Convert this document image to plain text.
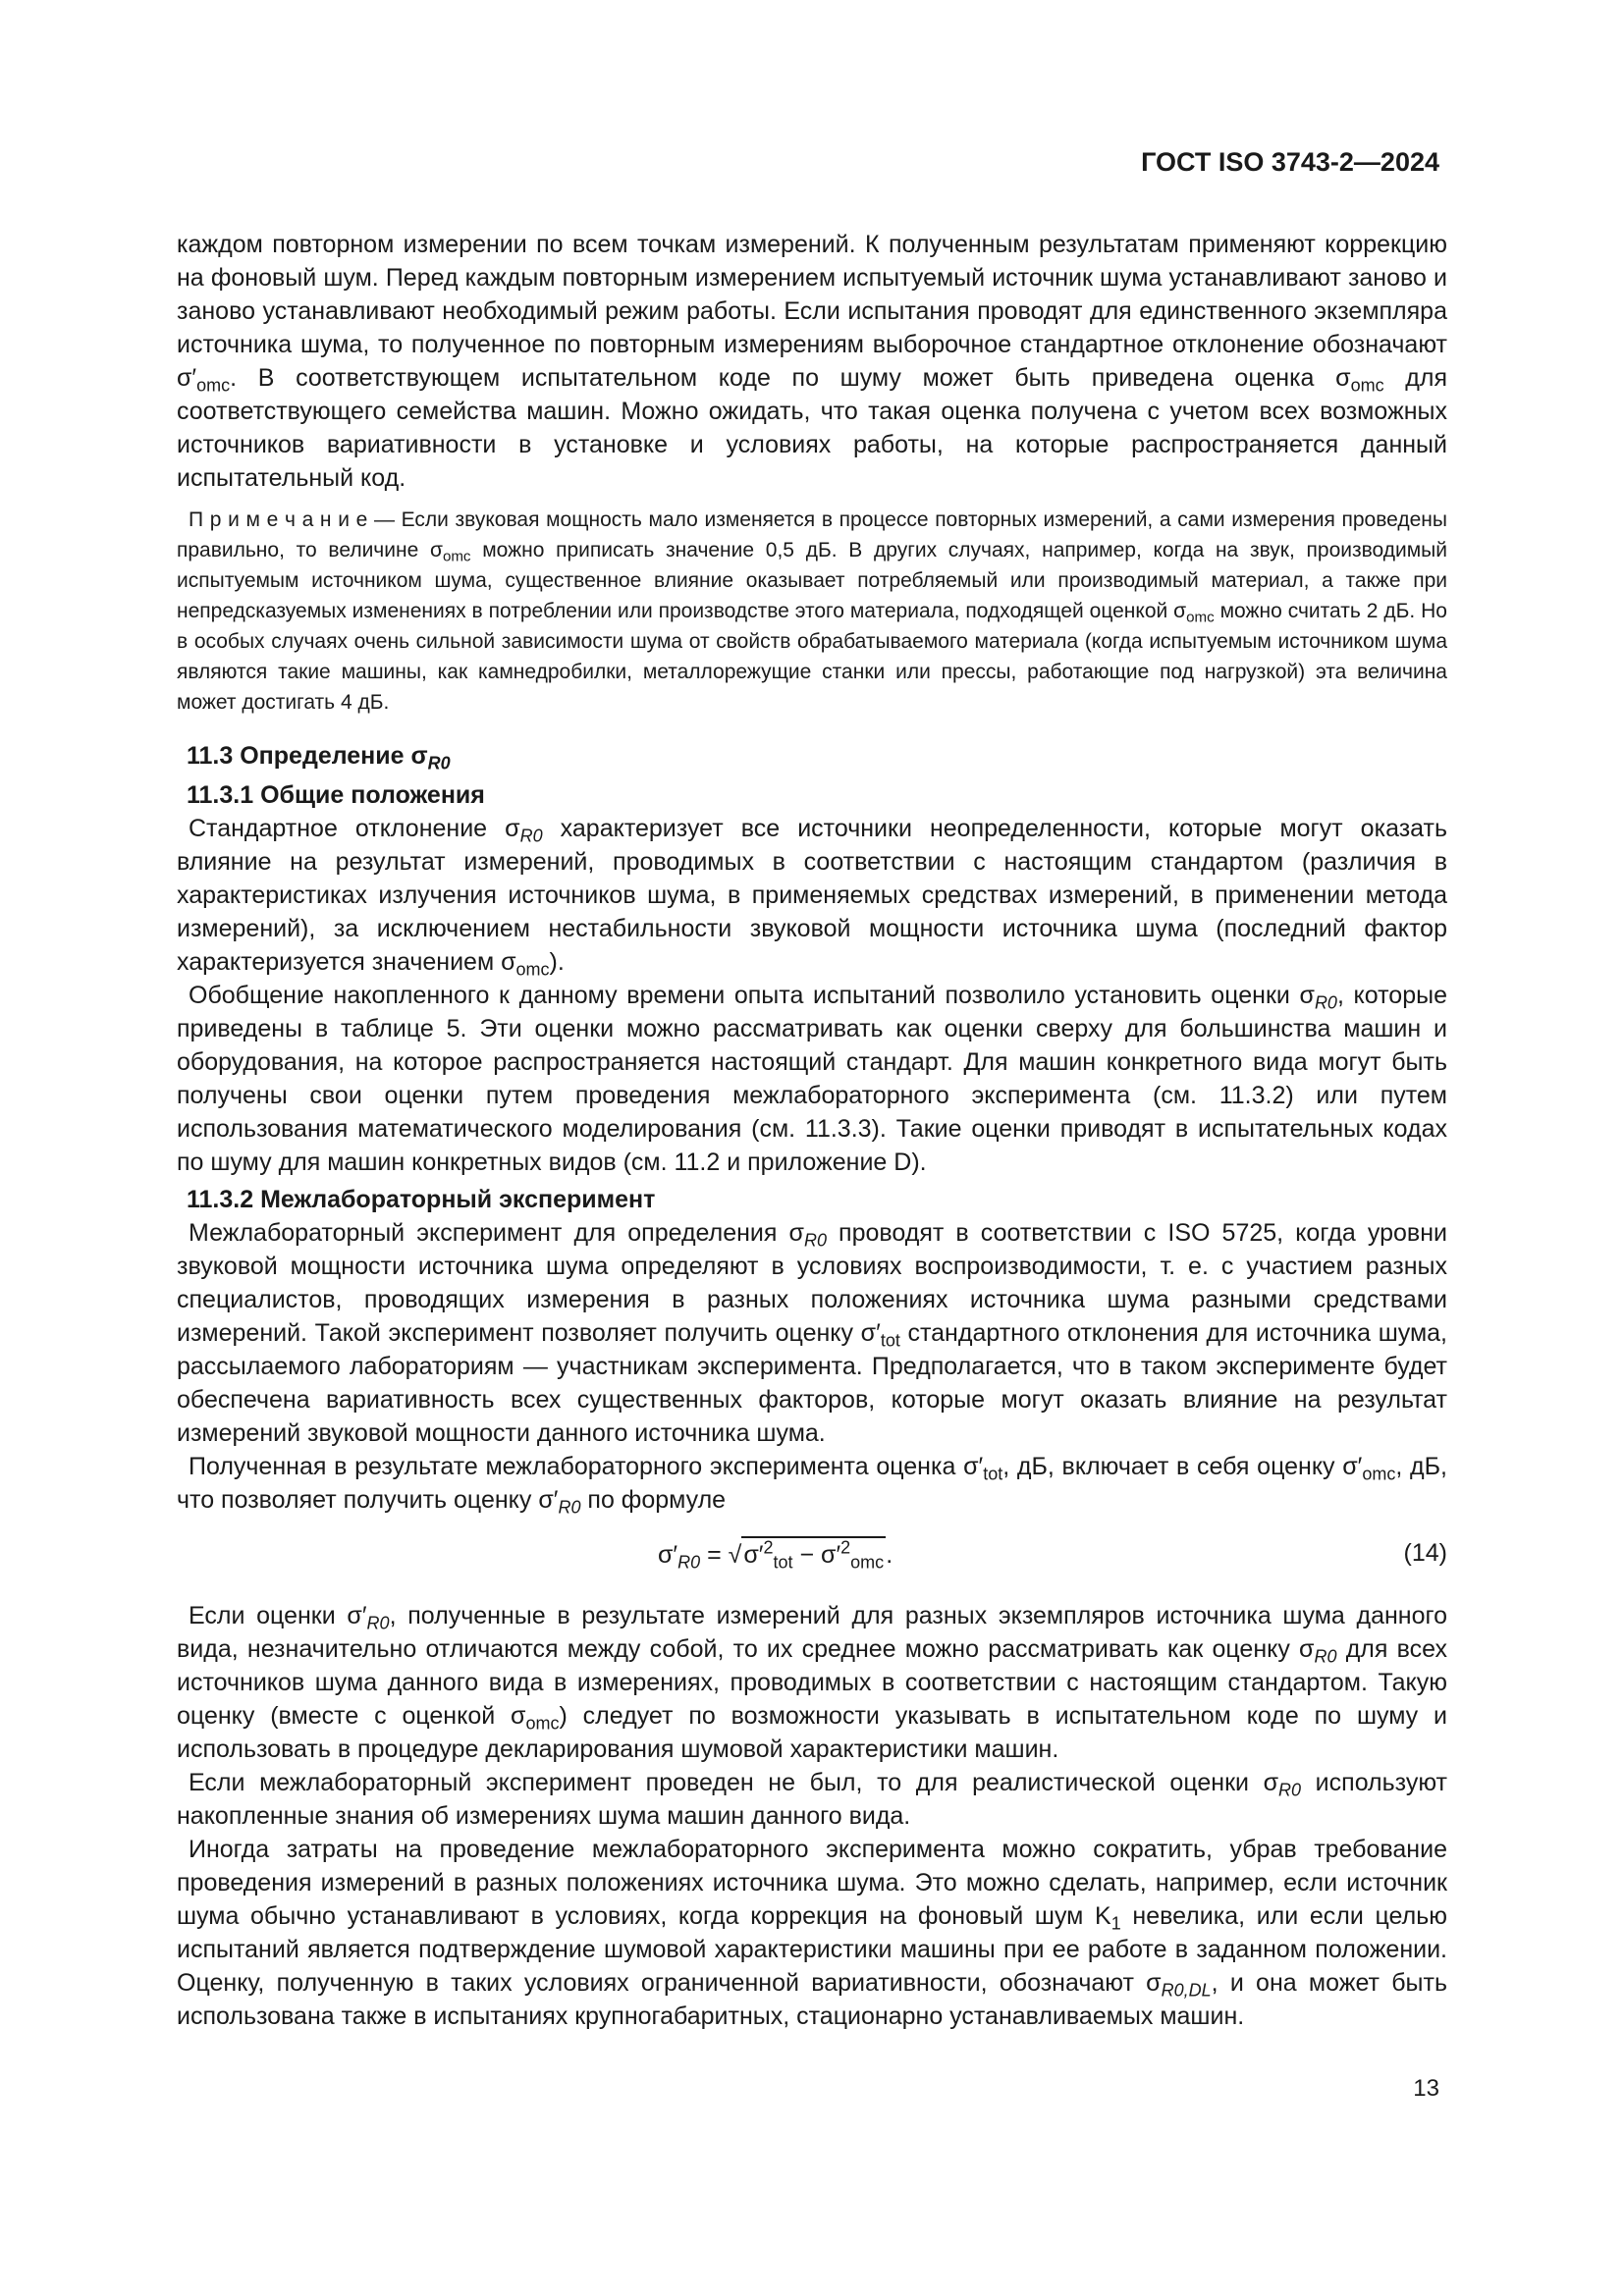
ГОСТ ISO 3743-2—2024

каждом повторном измерении по всем точкам измерений. К полученным результатам применяют коррекцию на фоновый шум. Перед каждым повторным измерением испытуемый источник шума устанавливают заново и заново устанавливают необходимый режим работы. Если испытания проводят для единственного экземпляра источника шума, то полученное по повторным измерениям выборочное стандартное отклонение обозначают $\sigma'_{omc}$. В соответствующем испытательном коде по шуму может быть приведена оценка $\sigma_{omc}$ для соответствующего семейства машин. Можно ожидать, что такая оценка получена с учетом всех возможных источников вариативности в установке и условиях работы, на которые распространяется данный испытательный код.

П р и м е ч а н и е — Если звуковая мощность мало изменяется в процессе повторных измерений, а сами измерения проведены правильно, то величине $\sigma_{omc}$ можно приписать значение 0,5 дБ. В других случаях, например, когда на звук, производимый испытуемым источником шума, существенное влияние оказывает потребляемый или производимый материал, а также при непредсказуемых изменениях в потреблении или производстве этого материала, подходящей оценкой $\sigma_{omc}$ можно считать 2 дБ. Но в особых случаях очень сильной зависимости шума от свойств обрабатываемого материала (когда испытуемым источником шума являются такие машины, как камнедробилки, металлорежущие станки или прессы, работающие под нагрузкой) эта величина может достигать 4 дБ.

11.3 Определение $\sigma_{R0}$

11.3.1 Общие положения

Стандартное отклонение $\sigma_{R0}$ характеризует все источники неопределенности, которые могут оказать влияние на результат измерений, проводимых в соответствии с настоящим стандартом (различия в характеристиках излучения источников шума, в применяемых средствах измерений, в применении метода измерений), за исключением нестабильности звуковой мощности источника шума (последний фактор характеризуется значением $\sigma_{omc}$).

Обобщение накопленного к данному времени опыта испытаний позволило установить оценки $\sigma_{R0}$, которые приведены в таблице 5. Эти оценки можно рассматривать как оценки сверху для большинства машин и оборудования, на которое распространяется настоящий стандарт. Для машин конкретного вида могут быть получены свои оценки путем проведения межлабораторного эксперимента (см. 11.3.2) или путем использования математического моделирования (см. 11.3.3). Такие оценки приводят в испытательных кодах по шуму для машин конкретных видов (см. 11.2 и приложение D).

11.3.2 Межлабораторный эксперимент

Межлабораторный эксперимент для определения $\sigma_{R0}$ проводят в соответствии с ISO 5725, когда уровни звуковой мощности источника шума определяют в условиях воспроизводимости, т. е. с участием разных специалистов, проводящих измерения в разных положениях источника шума разными средствами измерений. Такой эксперимент позволяет получить оценку $\sigma'_{tot}$ стандартного отклонения для источника шума, рассылаемого лабораториям — участникам эксперимента. Предполагается, что в таком эксперименте будет обеспечена вариативность всех существенных факторов, которые могут оказать влияние на результат измерений звуковой мощности данного источника шума.

Полученная в результате межлабораторного эксперимента оценка $\sigma'_{tot}$, дБ, включает в себя оценку $\sigma'_{omc}$, дБ, что позволяет получить оценку $\sigma'_{R0}$ по формуле

$\sigma'_{R0} = √\sigma'^2_{tot} - \sigma'^2_{omc}$.	(14)

Если оценки $\sigma'_{R0}$, полученные в результате измерений для разных экземпляров источника шума данного вида, незначительно отличаются между собой, то их среднее можно рассматривать как оценку $\sigma_{R0}$ для всех источников шума данного вида в измерениях, проводимых в соответствии с настоящим стандартом. Такую оценку (вместе с оценкой $\sigma_{omc}$) следует по возможности указывать в испытательном коде по шуму и использовать в процедуре декларирования шумовой характеристики машин.

Если межлабораторный эксперимент проведен не был, то для реалистической оценки $\sigma_{R0}$ используют накопленные знания об измерениях шума машин данного вида.

Иногда затраты на проведение межлабораторного эксперимента можно сократить, убрав требование проведения измерений в разных положениях источника шума. Это можно сделать, например, если источник шума обычно устанавливают в условиях, когда коррекция на фоновый шум $K_1$ невелика, или если целью испытаний является подтверждение шумовой характеристики машины при ее работе в заданном положении. Оценку, полученную в таких условиях ограниченной вариативности, обозначают $\sigma_{R0,DL}$, и она может быть использована также в испытаниях крупногабаритных, стационарно устанавливаемых машин.

13
